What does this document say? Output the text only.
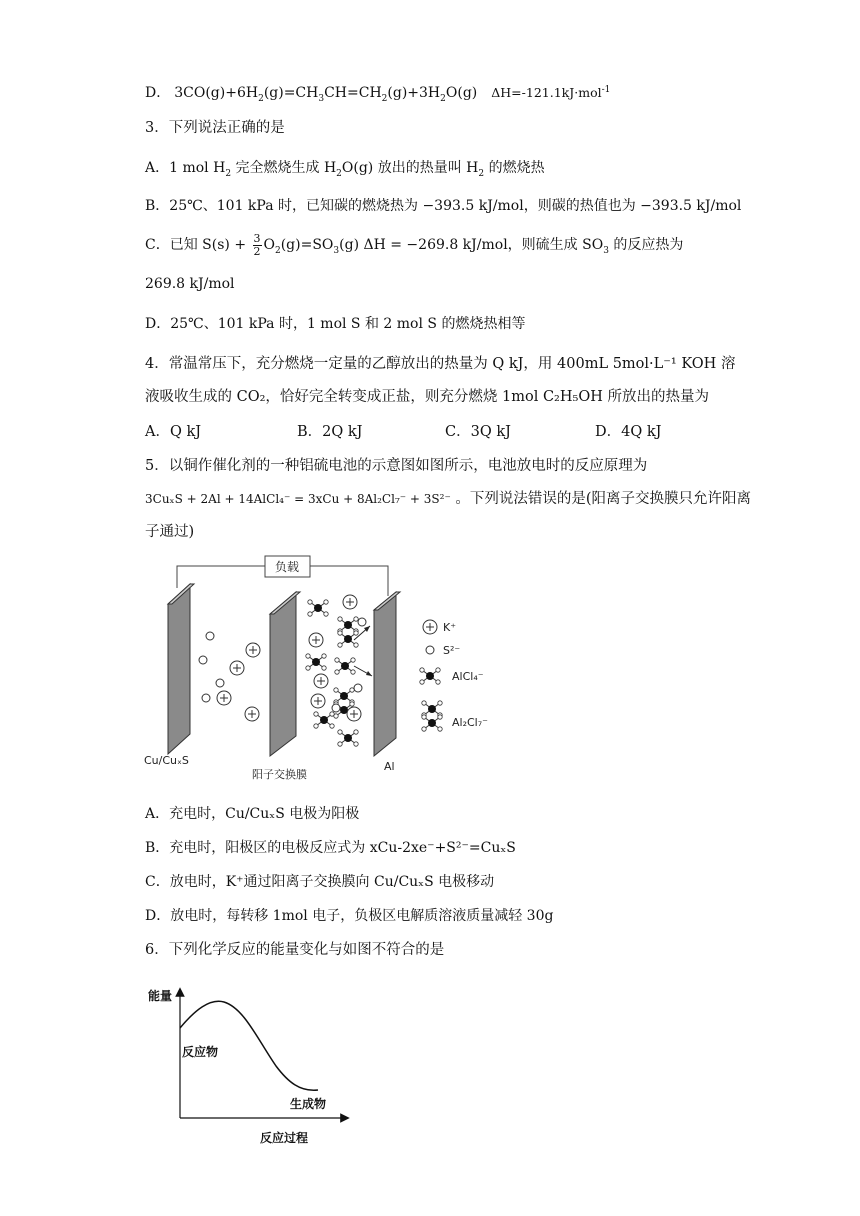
D． $3CO(g)+6H_2(g)=CH_3CH=CH_2(g)+3H_2O(g)$ ΔH=-121.1kJ·mol$^{-1}$
3．下列说法正确的是
A．1 mol $H_2$ 完全燃烧生成 $H_2O(g)$ 放出的热量叫 $H_2$ 的燃烧热
B．25℃、101 kPa 时，已知碳的燃烧热为 −393.5 kJ/mol，则碳的热值也为 −393.5 kJ/mol
C．已知 $S(s) + \frac{3}{2} O_2(g)=SO_3(g) \Delta H = -269.8$ kJ/mol，则硫生成 $SO_3$ 的反应热为
269.8 kJ/mol
D．25℃、101 kPa 时，1 mol S 和 2 mol S 的燃烧热相等
4．常温常压下，充分燃烧一定量的乙醇放出的热量为 Q kJ，用 400mL 5mol·L⁻¹ KOH 溶
液吸收生成的 CO₂，恰好完全转变成正盐，则充分燃烧 1mol C₂H₅OH 所放出的热量为
A．Q kJ	B．2Q kJ	C．3Q kJ	D．4Q kJ
5．以铜作催化剂的一种铝硫电池的示意图如图所示，电池放电时的反应原理为
3CuₓS + 2Al + 14AlCl₄⁻ = 3xCu + 8Al₂Cl₇⁻ + 3S²⁻ 。下列说法错误的是(阳离子交换膜只允许阳离
子通过)
负载
Cu/CuₓS
阳子交换膜
Al
K⁺
S²⁻
AlCl₄⁻
Al₂Cl₇⁻
A．充电时，Cu/CuₓS 电极为阳极
B．充电时，阳极区的电极反应式为 xCu-2xe⁻+S²⁻=CuₓS
C．放电时，K⁺通过阳离子交换膜向 Cu/CuₓS 电极移动
D．放电时，每转移 1mol 电子，负极区电解质溶液质量减轻 30g
6．下列化学反应的能量变化与如图不符合的是
能量
反应物
生成物
反应过程
